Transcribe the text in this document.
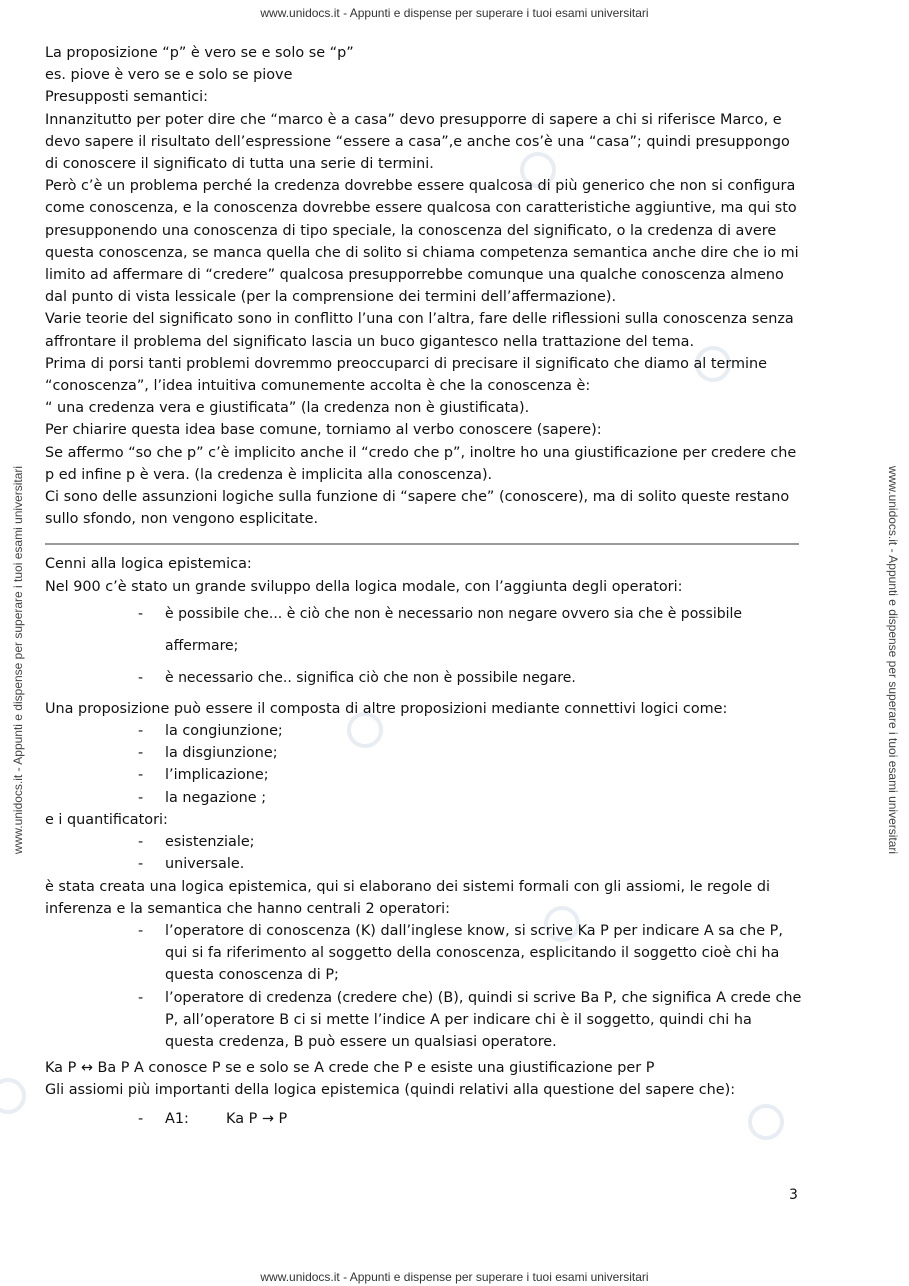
www.unidocs.it - Appunti e dispense per superare i tuoi esami universitari
www.unidocs.it - Appunti e dispense per superare i tuoi esami universitari
www.unidocs.it - Appunti e dispense per superare i tuoi esami universitari	www.unidocs.it - Appunti e dispense per superare i tuoi esami universitari

La proposizione “p” è vero se e solo se “p”

es. piove è vero se e solo se piove

Presupposti semantici:

Innanzitutto per poter dire che “marco è a casa” devo presupporre di sapere a chi si riferisce Marco, e devo sapere il risultato dell’espressione “essere a casa”,e anche cos’è una “casa”; quindi presuppongo di conoscere il significato di tutta una serie di termini.

Però c’è un problema perché la credenza dovrebbe essere qualcosa di più generico che non si configura come conoscenza, e la conoscenza dovrebbe essere qualcosa con caratteristiche aggiuntive, ma qui sto presupponendo una conoscenza di tipo speciale, la conoscenza del significato, o la credenza di avere questa conoscenza, se manca quella che di solito si chiama competenza semantica anche dire che io mi limito ad affermare di “credere” qualcosa presupporrebbe comunque una qualche conoscenza almeno dal punto di vista lessicale (per la comprensione dei termini dell’affermazione).

Varie teorie del significato sono in conflitto l’una con l’altra, fare delle riflessioni sulla conoscenza senza affrontare il problema del significato lascia un buco gigantesco nella trattazione del tema.

Prima di porsi tanti problemi dovremmo preoccuparci di precisare il significato che diamo al termine “conoscenza”, l’idea intuitiva comunemente accolta è che la conoscenza è:

“ una credenza vera e giustificata” (la credenza non è giustificata).

Per chiarire questa idea base comune, torniamo al verbo conoscere (sapere):

Se affermo “so che p” c’è implicito anche il “credo che p”, inoltre ho una giustificazione per credere che p ed infine p è vera. (la credenza è implicita alla conoscenza).

Ci sono delle assunzioni logiche sulla funzione di “sapere che” (conoscere), ma di solito queste restano sullo sfondo, non vengono esplicitate.

Cenni alla logica epistemica:

Nel 900 c’è stato un grande sviluppo della logica modale, con l’aggiunta degli operatori:

- è possibile che... è ciò che non è necessario non negare ovvero sia che è possibile affermare;
- è necessario che.. significa ciò che non è possibile negare.

Una proposizione può essere il composta di altre proposizioni mediante connettivi logici come:

- la congiunzione;
- la disgiunzione;
- l’implicazione;
- la negazione ;

e i quantificatori:

- esistenziale;
- universale.

è stata creata una logica epistemica, qui si elaborano dei sistemi formali con gli assiomi, le regole di inferenza e la semantica che hanno centrali 2 operatori:

- l’operatore di conoscenza (K) dall’inglese know, si scrive Ka P per indicare A sa che P, qui si fa riferimento al soggetto della conoscenza, esplicitando il soggetto cioè chi ha questa conoscenza di P;
- l’operatore di credenza (credere che) (B), quindi si scrive Ba P, che significa A crede che P, all’operatore B ci si mette l’indice A per indicare chi è il soggetto, quindi chi ha questa credenza, B può essere un qualsiasi operatore.

Ka P ↔ Ba P A conosce P se e solo se A crede che P e esiste una giustificazione per P

Gli assiomi più importanti della logica epistemica (quindi relativi alla questione del sapere che):

- A1:	Ka P → P
3
